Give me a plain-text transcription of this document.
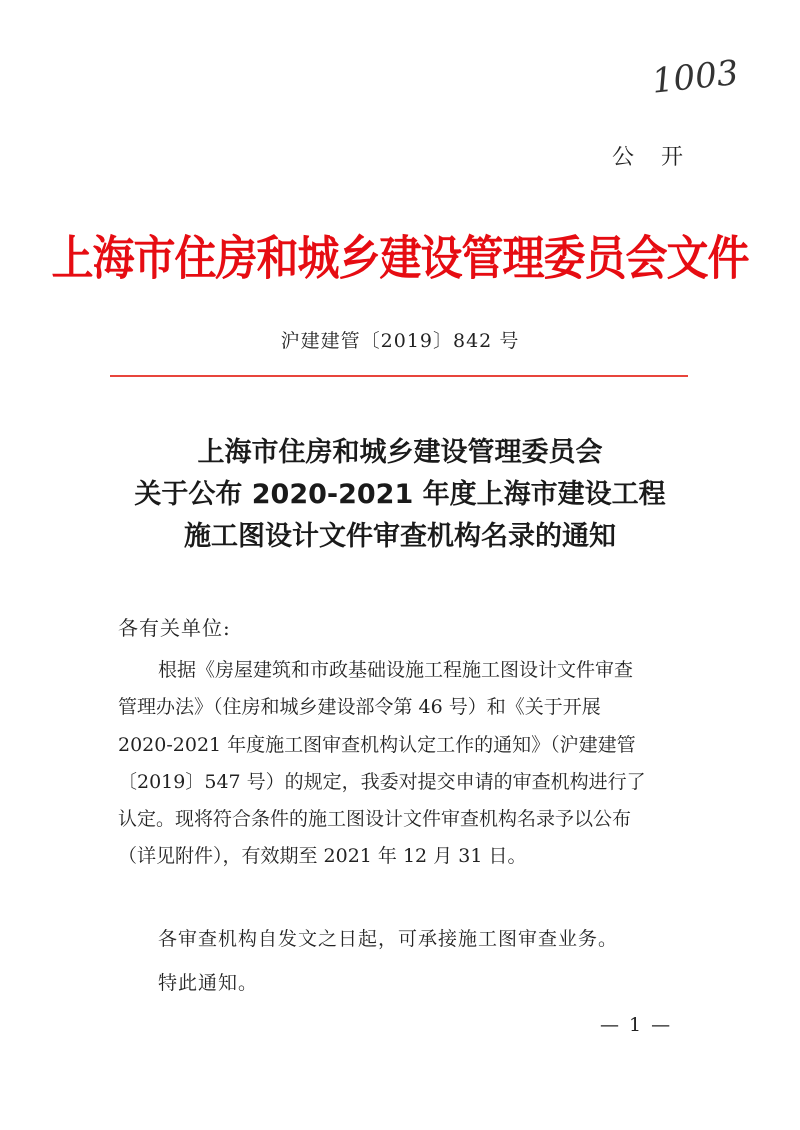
1003
公 开
上海市住房和城乡建设管理委员会文件
沪建建管〔2019〕842 号
上海市住房和城乡建设管理委员会
关于公布 2020-2021 年度上海市建设工程
施工图设计文件审查机构名录的通知
各有关单位:
根据《房屋建筑和市政基础设施工程施工图设计文件审查
管理办法》（住房和城乡建设部令第 46 号）和《关于开展
2020-2021 年度施工图审查机构认定工作的通知》（沪建建管
〔2019〕547 号）的规定，我委对提交申请的审查机构进行了
认定。现将符合条件的施工图设计文件审查机构名录予以公布
（详见附件），有效期至 2021 年 12 月 31 日。
各审查机构自发文之日起，可承接施工图审查业务。
特此通知。
— 1 —
